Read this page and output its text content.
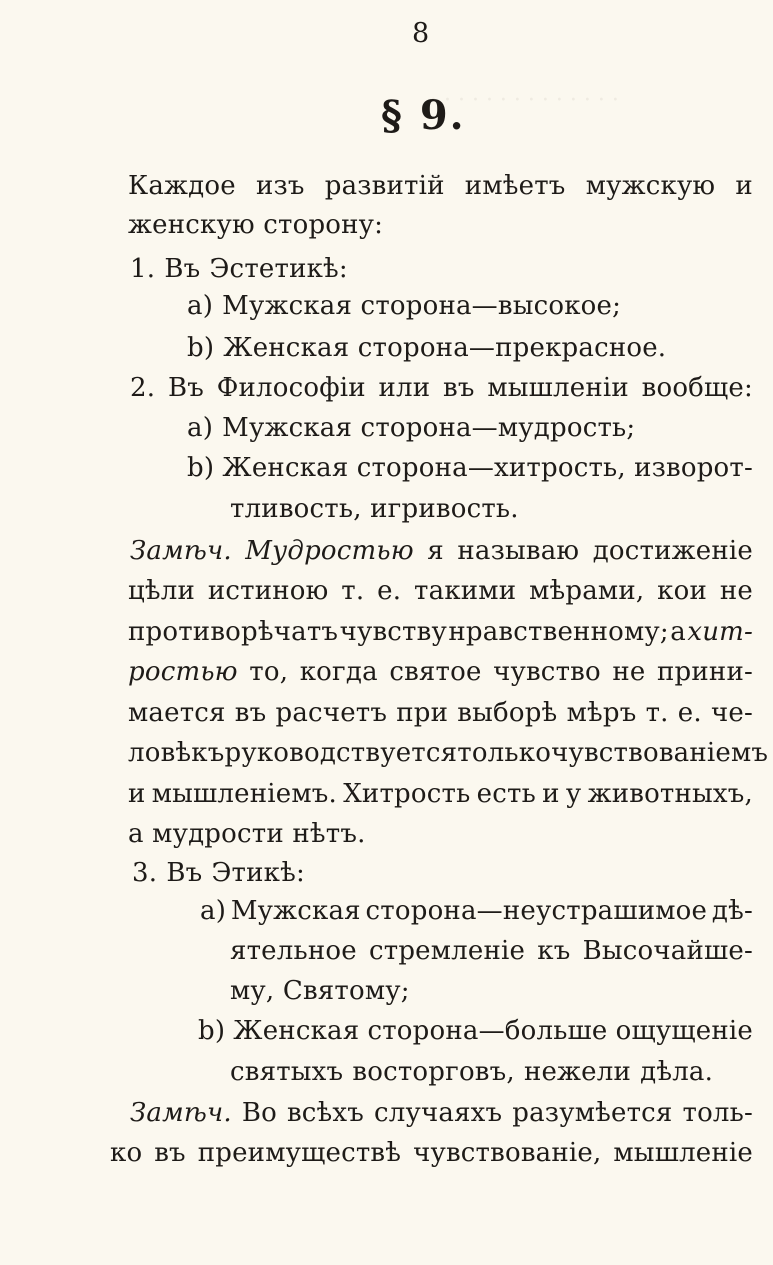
· · · · · · · · · · · · · ·
8
§ 9.
Каждое изъ развитій имѣетъ мужскую и
женскую сторону:
1. Въ Эстетикѣ:
а) Мужская сторона—высокое;
b) Женская сторона—прекрасное.
2. Въ Философіи или въ мышленіи вообще:
а) Мужская сторона—мудрость;
b) Женская сторона—хитрость, изворот-
тливость, игривость.
Замѣч. Мудростью я называю достиженіе
цѣли истиною т. е. такими мѣрами, кои не
противорѣчатъ чувству нравственному; а хит-
ростью то, когда святое чувство не прини-
мается въ расчетъ при выборѣ мѣръ т. е. че-
ловѣкъ руководствуется только чувствованіемъ
и мышленіемъ. Хитрость есть и у животныхъ,
а мудрости нѣтъ.
3. Въ Этикѣ:
а) Мужская сторона—неустрашимое дѣ-
ятельное стремленіе къ Высочайше-
му, Святому;
b) Женская сторона—больше ощущеніе
святыхъ восторговъ, нежели дѣла.
Замѣч. Во всѣхъ случаяхъ разумѣется толь-
ко въ преимуществѣ чувствованіе, мышленіе
